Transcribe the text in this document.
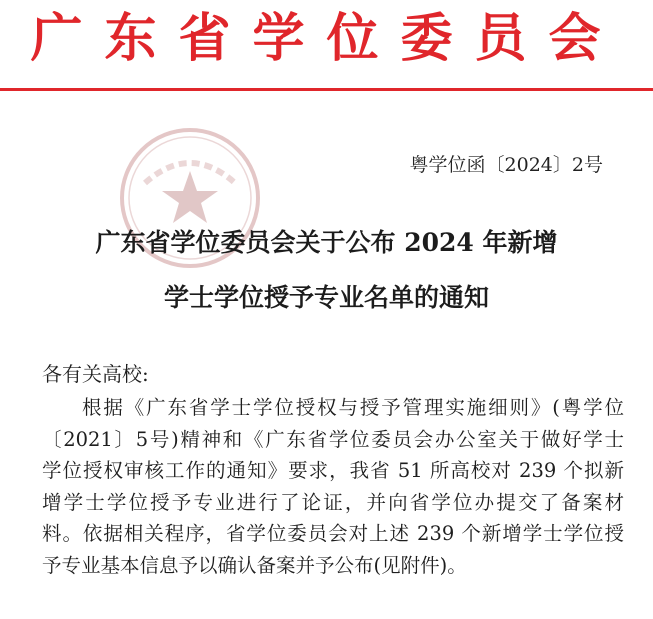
广东省学位委员会
粤学位函〔2024〕2号
广东省学位委员会关于公布 2024 年新增
学士学位授予专业名单的通知
各有关高校:
根据《广东省学士学位授权与授予管理实施细则》(粤学位
〔2021〕5号)精神和《广东省学位委员会办公室关于做好学士
学位授权审核工作的通知》要求，我省 51 所高校对 239 个拟新
增学士学位授予专业进行了论证，并向省学位办提交了备案材
料。依据相关程序，省学位委员会对上述 239 个新增学士学位授
予专业基本信息予以确认备案并予公布(见附件)。
